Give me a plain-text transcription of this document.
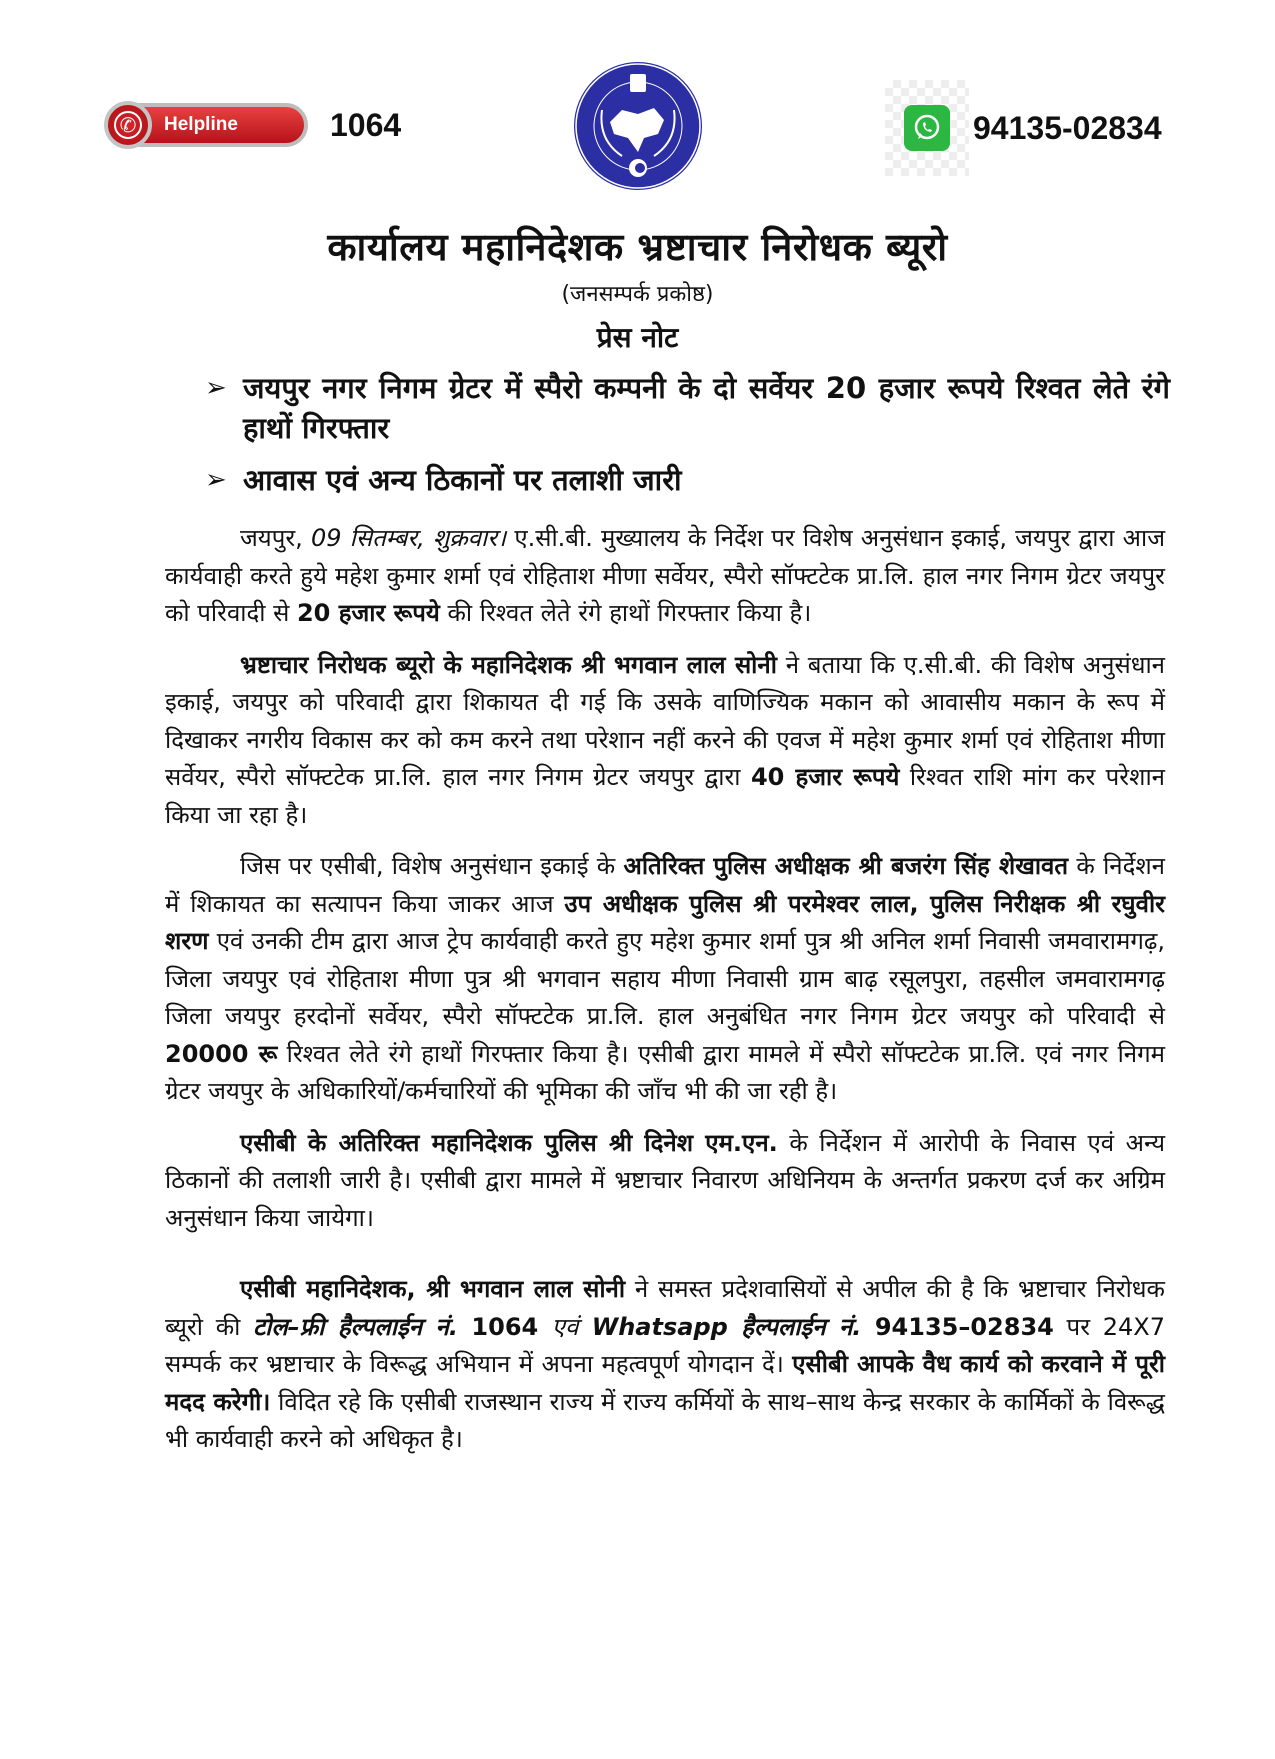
✆ Helpline	1064	94135-02834
कार्यालय महानिदेशक भ्रष्टाचार निरोधक ब्यूरो
(जनसम्पर्क प्रकोष्ठ)
प्रेस नोट
➢ जयपुर नगर निगम ग्रेटर में स्पैरो कम्पनी के दो सर्वेयर 20 हजार रूपये रिश्वत लेते रंगे हाथों गिरफ्तार
➢ आवास एवं अन्य ठिकानों पर तलाशी जारी

जयपुर, 09 सितम्बर, शुक्रवार। ए.सी.बी. मुख्यालय के निर्देश पर विशेष अनुसंधान इकाई, जयपुर द्वारा आज कार्यवाही करते हुये महेश कुमार शर्मा एवं रोहिताश मीणा सर्वेयर, स्पैरो सॉफ्टटेक प्रा.लि. हाल नगर निगम ग्रेटर जयपुर को परिवादी से 20 हजार रूपये की रिश्वत लेते रंगे हाथों गिरफ्तार किया है।

भ्रष्टाचार निरोधक ब्यूरो के महानिदेशक श्री भगवान लाल सोनी ने बताया कि ए.सी.बी. की विशेष अनुसंधान इकाई, जयपुर को परिवादी द्वारा शिकायत दी गई कि उसके वाणिज्यिक मकान को आवासीय मकान के रूप में दिखाकर नगरीय विकास कर को कम करने तथा परेशान नहीं करने की एवज में महेश कुमार शर्मा एवं रोहिताश मीणा सर्वेयर, स्पैरो सॉफ्टटेक प्रा.लि. हाल नगर निगम ग्रेटर जयपुर द्वारा 40 हजार रूपये रिश्वत राशि मांग कर परेशान किया जा रहा है।

जिस पर एसीबी, विशेष अनुसंधान इकाई के अतिरिक्त पुलिस अधीक्षक श्री बजरंग सिंह शेखावत के निर्देशन में शिकायत का सत्यापन किया जाकर आज उप अधीक्षक पुलिस श्री परमेश्वर लाल, पुलिस निरीक्षक श्री रघुवीर शरण एवं उनकी टीम द्वारा आज ट्रेप कार्यवाही करते हुए महेश कुमार शर्मा पुत्र श्री अनिल शर्मा निवासी जमवारामगढ़, जिला जयपुर एवं रोहिताश मीणा पुत्र श्री भगवान सहाय मीणा निवासी ग्राम बाढ़ रसूलपुरा, तहसील जमवारामगढ़ जिला जयपुर हरदोनों सर्वेयर, स्पैरो सॉफ्टटेक प्रा.लि. हाल अनुबंधित नगर निगम ग्रेटर जयपुर को परिवादी से 20000 रू रिश्वत लेते रंगे हाथों गिरफ्तार किया है। एसीबी द्वारा मामले में स्पैरो सॉफ्टटेक प्रा.लि. एवं नगर निगम ग्रेटर जयपुर के अधिकारियों/कर्मचारियों की भूमिका की जाँच भी की जा रही है।

एसीबी के अतिरिक्त महानिदेशक पुलिस श्री दिनेश एम.एन. के निर्देशन में आरोपी के निवास एवं अन्य ठिकानों की तलाशी जारी है। एसीबी द्वारा मामले में भ्रष्टाचार निवारण अधिनियम के अन्तर्गत प्रकरण दर्ज कर अग्रिम अनुसंधान किया जायेगा।

एसीबी महानिदेशक, श्री भगवान लाल सोनी ने समस्त प्रदेशवासियों से अपील की है कि भ्रष्टाचार निरोधक ब्यूरो की टोल–फ्री हैल्पलाईन नं. 1064 एवं Whatsapp हैल्पलाईन नं. 94135–02834 पर 24X7 सम्पर्क कर भ्रष्टाचार के विरूद्ध अभियान में अपना महत्वपूर्ण योगदान दें। एसीबी आपके वैध कार्य को करवाने में पूरी मदद करेगी। विदित रहे कि एसीबी राजस्थान राज्य में राज्य कर्मियों के साथ–साथ केन्द्र सरकार के कार्मिकों के विरूद्ध भी कार्यवाही करने को अधिकृत है।
